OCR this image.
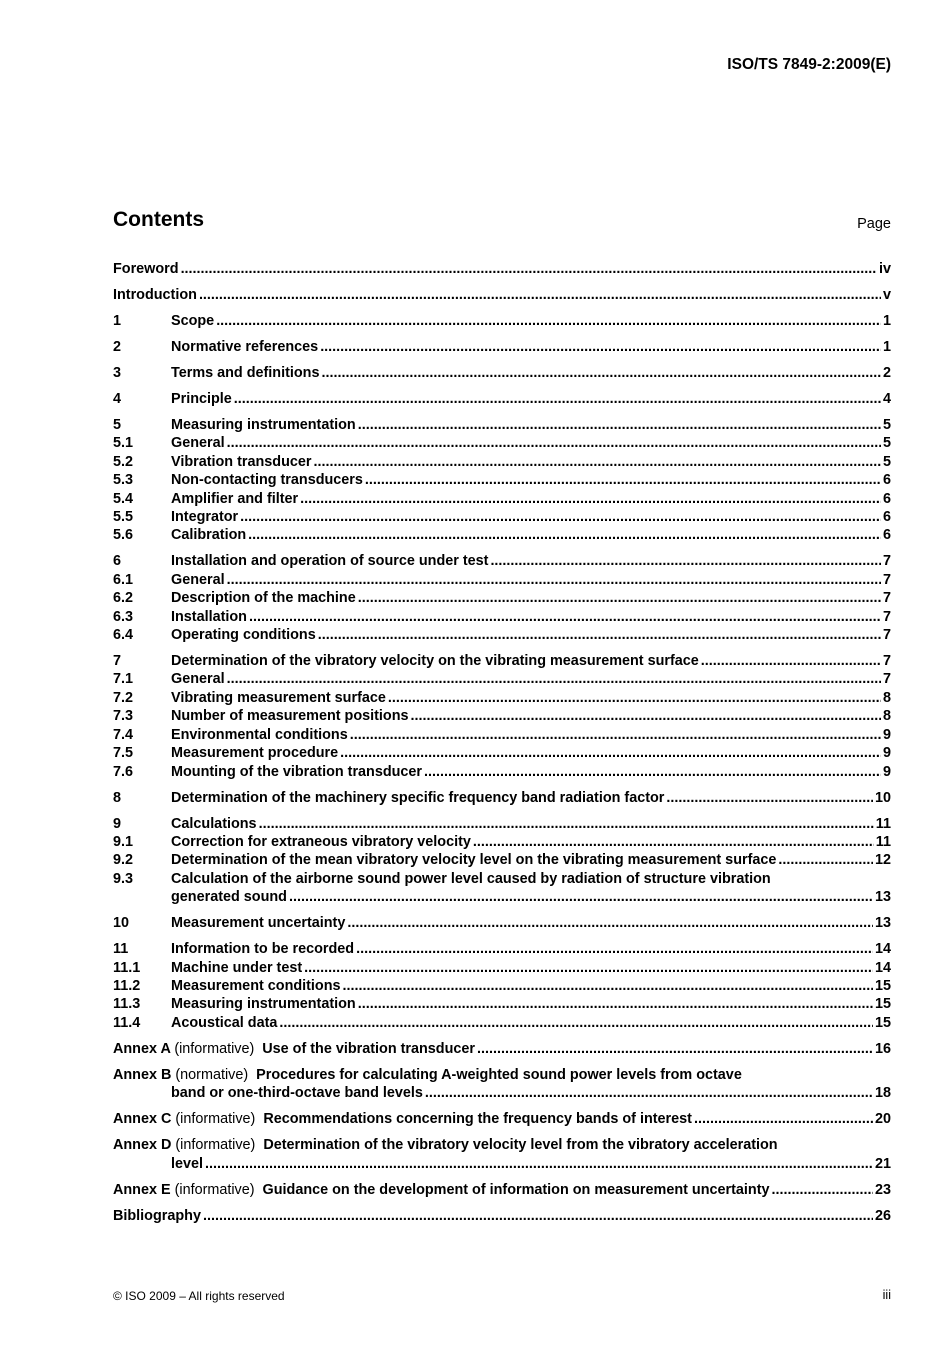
ISO/TS 7849-2:2009(E)
Contents	Page
Foreword .....	iv
Introduction .....	v
1	Scope .....	1
2	Normative references .....	1
3	Terms and definitions .....	2
4	Principle .....	4
5	Measuring instrumentation .....	5
5.1	General .....	5
5.2	Vibration transducer .....	5
5.3	Non-contacting transducers .....	6
5.4	Amplifier and filter .....	6
5.5	Integrator .....	6
5.6	Calibration .....	6
6	Installation and operation of source under test .....	7
6.1	General .....	7
6.2	Description of the machine .....	7
6.3	Installation .....	7
6.4	Operating conditions .....	7
7	Determination of the vibratory velocity on the vibrating measurement surface .....	7
7.1	General .....	7
7.2	Vibrating measurement surface .....	8
7.3	Number of measurement positions .....	8
7.4	Environmental conditions .....	9
7.5	Measurement procedure .....	9
7.6	Mounting of the vibration transducer .....	9
8	Determination of the machinery specific frequency band radiation factor .....	10
9	Calculations .....	11
9.1	Correction for extraneous vibratory velocity .....	11
9.2	Determination of the mean vibratory velocity level on the vibrating measurement surface .....	12
9.3	Calculation of the airborne sound power level caused by radiation of structure vibration
generated sound .....	13
10	Measurement uncertainty .....	13
11	Information to be recorded .....	14
11.1	Machine under test .....	14
11.2	Measurement conditions .....	15
11.3	Measuring instrumentation .....	15
11.4	Acoustical data .....	15
Annex A (informative) Use of the vibration transducer .....	16
Annex B (normative) Procedures for calculating A-weighted sound power levels from octave
band or one-third-octave band levels .....	18
Annex C (informative) Recommendations concerning the frequency bands of interest .....	20
Annex D (informative) Determination of the vibratory velocity level from the vibratory acceleration
level .....	21
Annex E (informative) Guidance on the development of information on measurement uncertainty .....	23
Bibliography .....	26
© ISO 2009 – All rights reserved	iii
